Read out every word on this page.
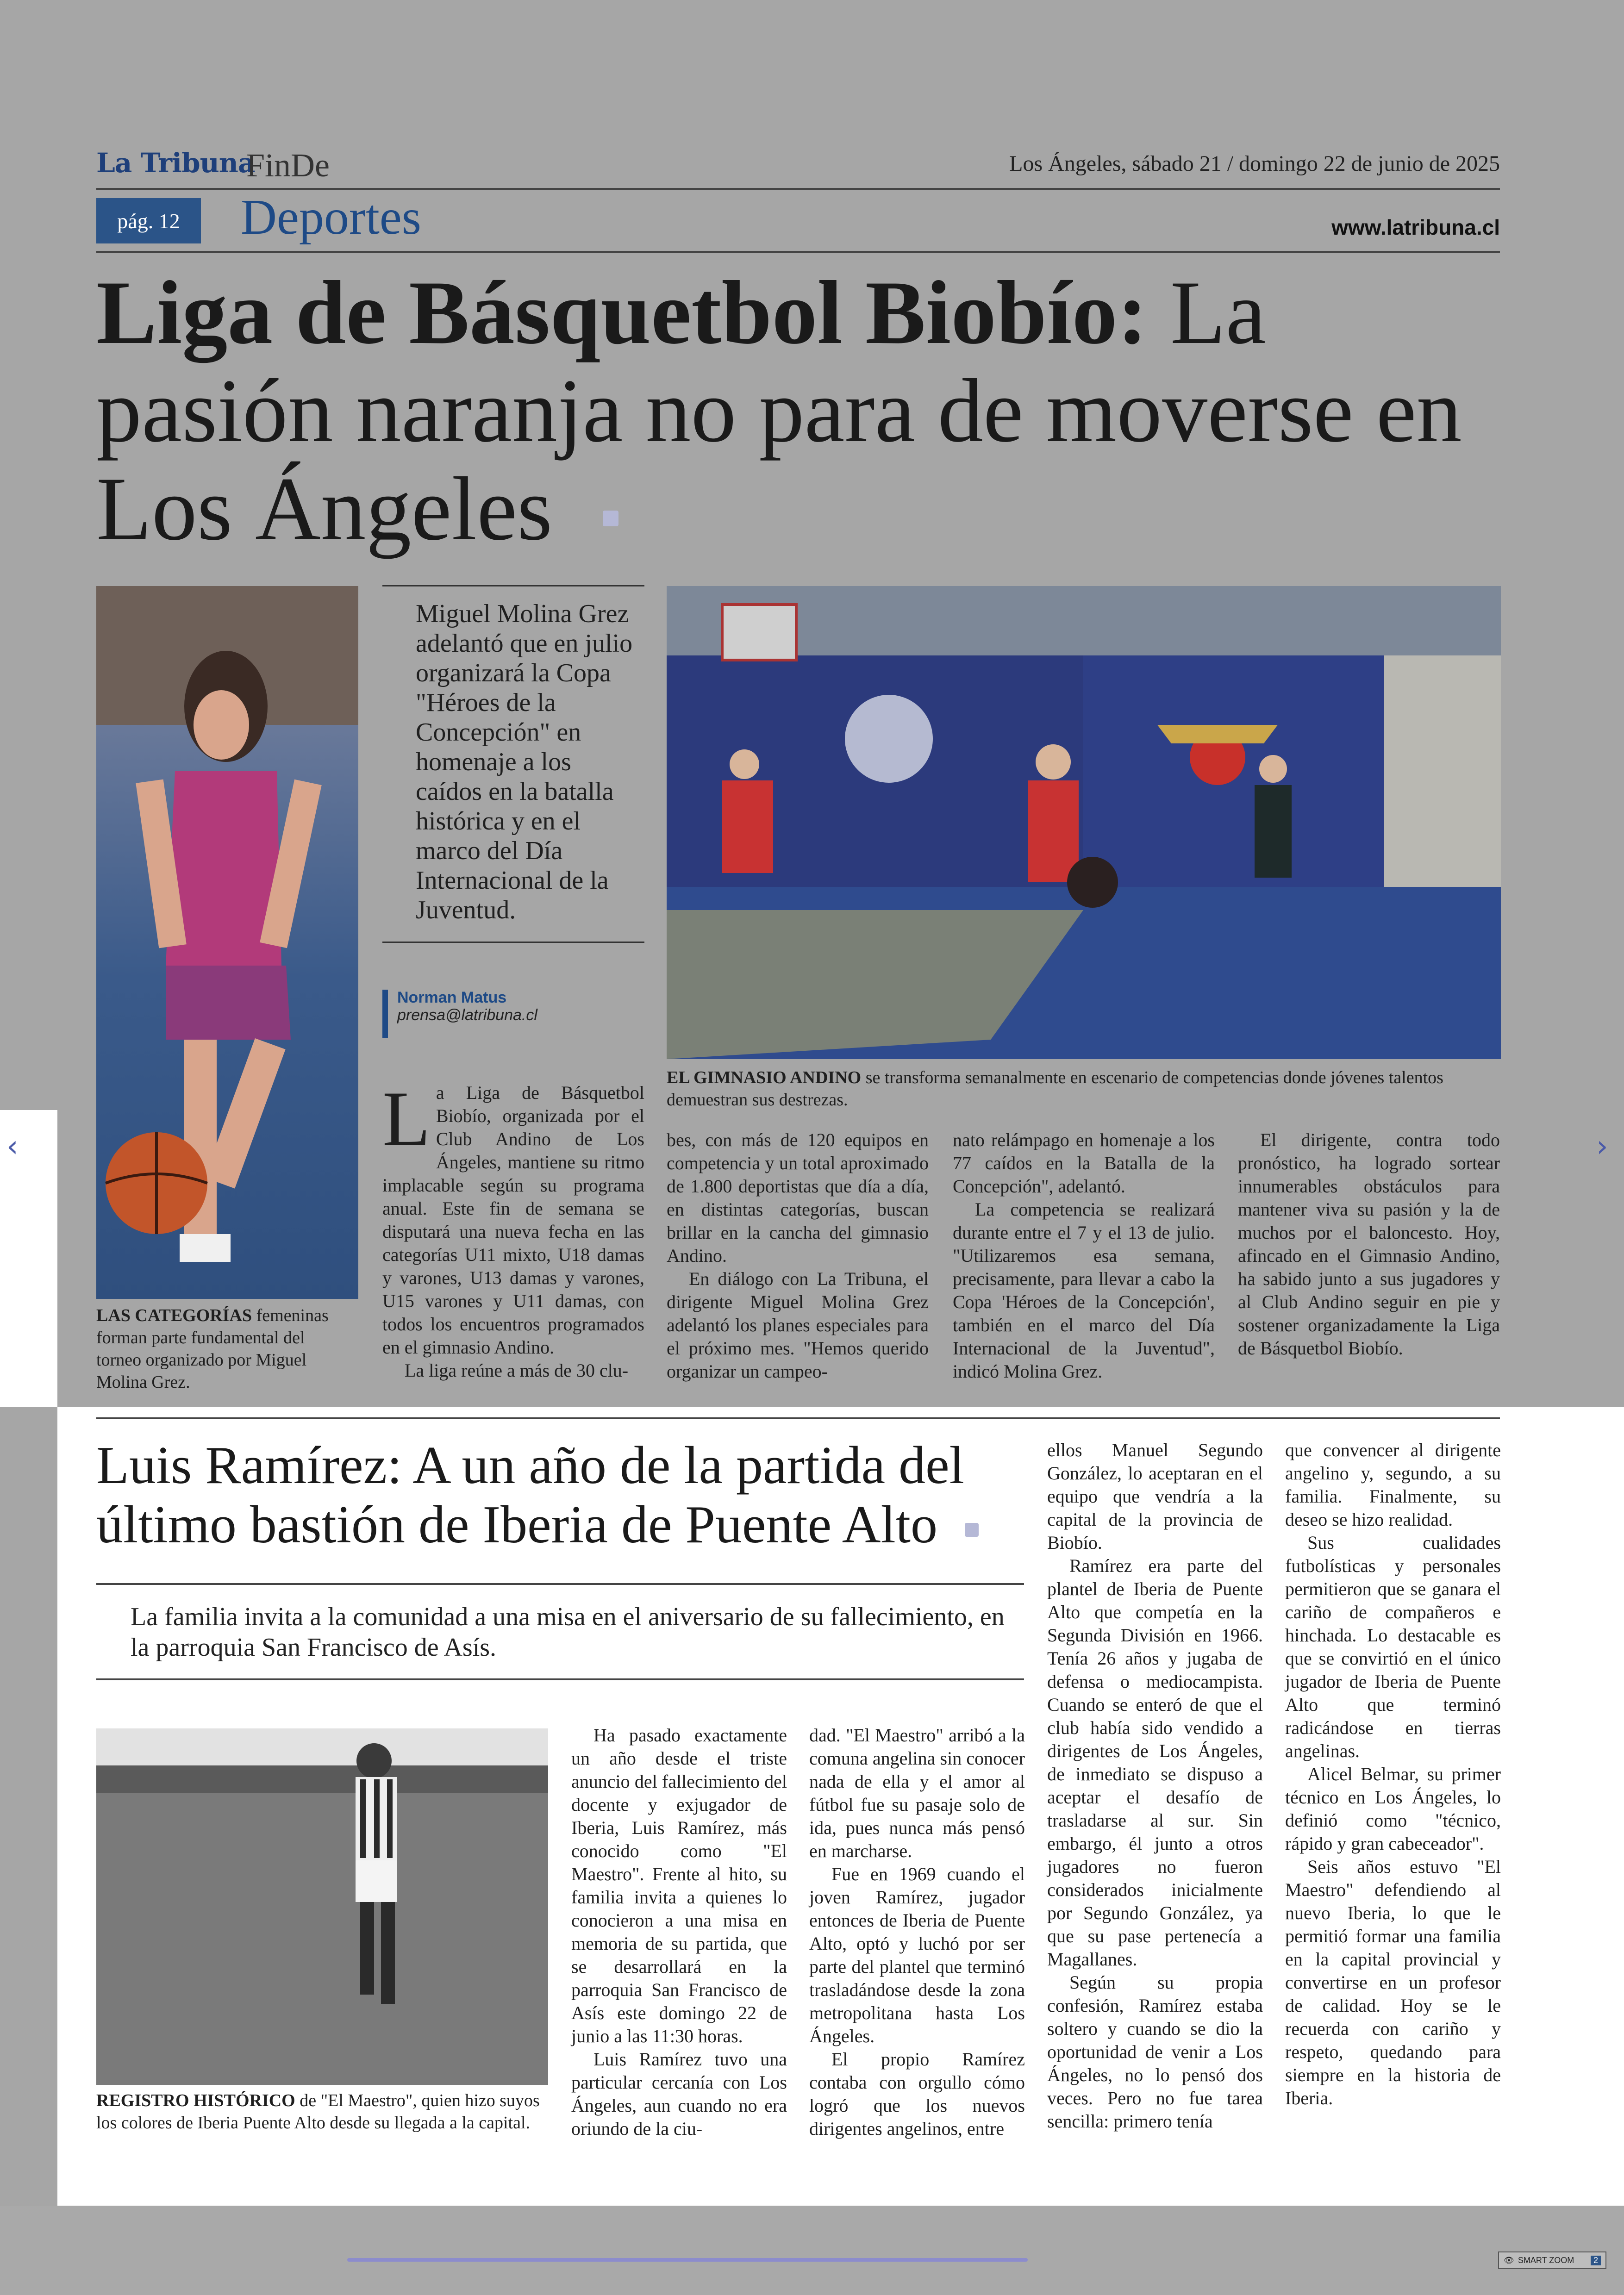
‹	›
La Tribuna
FinDe	Los Ángeles, sábado 21 / domingo 22 de junio de 2025
pág. 12	Deportes	www.latribuna.cl
Liga de Básquetbol Biobío: La pasión naranja no para de moverse en Los Ángeles
LAS CATEGORÍAS femeninas forman parte fundamental del torneo organizado por Miguel Molina Grez.
EL GIMNASIO ANDINO se transforma semanalmente en escenario de competencias donde jóvenes talentos demuestran sus destrezas.
Miguel Molina Grez adelantó que en julio organizará la Copa "Héroes de la Concepción" en homenaje a los caídos en la batalla histórica y en el marco del Día Internacional de la Juventud.
Norman Matus
prensa@latribuna.cl

La Liga de Básquetbol Biobío, organizada por el Club Andino de Los Ángeles, mantiene su ritmo implacable según su programa anual. Este fin de semana se disputará una nueva fecha en las categorías U11 mixto, U18 damas y varones, U13 damas y varones, U15 varones y U11 damas, con todos los encuentros programados en el gimnasio Andino.

La liga reúne a más de 30 clu-

bes, con más de 120 equipos en competencia y un total aproximado de 1.800 deportistas que día a día, en distintas categorías, buscan brillar en la cancha del gimnasio Andino.

En diálogo con La Tribuna, el dirigente Miguel Molina Grez adelantó los planes especiales para el próximo mes. "Hemos querido organizar un campeo-

nato relámpago en homenaje a los 77 caídos en la Batalla de la Concepción", adelantó.

La competencia se realizará durante entre el 7 y el 13 de julio. "Utilizaremos esa semana, precisamente, para llevar a cabo la Copa 'Héroes de la Concepción', también en el marco del Día Internacional de la Juventud", indicó Molina Grez.

El dirigente, contra todo pronóstico, ha logrado sortear innumerables obstáculos para mantener viva su pasión y la de muchos por el baloncesto. Hoy, afincado en el Gimnasio Andino, ha sabido junto a sus jugadores y al Club Andino seguir en pie y sostener organizadamente la Liga de Básquetbol Biobío.

Luis Ramírez: A un año de la partida del último bastión de Iberia de Puente Alto
La familia invita a la comunidad a una misa en el aniversario de su fallecimiento, en la parroquia San Francisco de Asís.
REGISTRO HISTÓRICO de "El Maestro", quien hizo suyos los colores de Iberia Puente Alto desde su llegada a la capital.

Ha pasado exactamente un año desde el triste anuncio del fallecimiento del docente y exjugador de Iberia, Luis Ramírez, más conocido como "El Maestro". Frente al hito, su familia invita a quienes lo conocieron a una misa en memoria de su partida, que se desarrollará en la parroquia San Francisco de Asís este domingo 22 de junio a las 11:30 horas.

Luis Ramírez tuvo una particular cercanía con Los Ángeles, aun cuando no era oriundo de la ciu-

dad. "El Maestro" arribó a la comuna angelina sin conocer nada de ella y el amor al fútbol fue su pasaje solo de ida, pues nunca más pensó en marcharse.

Fue en 1969 cuando el joven Ramírez, jugador entonces de Iberia de Puente Alto, optó y luchó por ser parte del plantel que terminó trasladándose desde la zona metropolitana hasta Los Ángeles.

El propio Ramírez contaba con orgullo cómo logró que los nuevos dirigentes angelinos, entre

ellos Manuel Segundo González, lo aceptaran en el equipo que vendría a la capital de la provincia de Biobío.

Ramírez era parte del plantel de Iberia de Puente Alto que competía en la Segunda División en 1966. Tenía 26 años y jugaba de defensa o mediocampista. Cuando se enteró de que el club había sido vendido a dirigentes de Los Ángeles, de inmediato se dispuso a aceptar el desafío de trasladarse al sur. Sin embargo, él junto a otros jugadores no fueron considerados inicialmente por Segundo González, ya que su pase pertenecía a Magallanes.

Según su propia confesión, Ramírez estaba soltero y cuando se dio la oportunidad de venir a Los Ángeles, no lo pensó dos veces. Pero no fue tarea sencilla: primero tenía

que convencer al dirigente angelino y, segundo, a su familia. Finalmente, su deseo se hizo realidad.

Sus cualidades futbolísticas y personales permitieron que se ganara el cariño de compañeros e hinchada. Lo destacable es que se convirtió en el único jugador de Iberia de Puente Alto que terminó radicándose en tierras angelinas.

Alicel Belmar, su primer técnico en Los Ángeles, lo definió como "técnico, rápido y gran cabeceador".

Seis años estuvo "El Maestro" defendiendo al nuevo Iberia, lo que le permitió formar una familia en la capital provincial y convertirse en un profesor de calidad. Hoy se le recuerda con cariño y respeto, quedando para siempre en la historia de Iberia.

👁 SMART ZOOM	2
